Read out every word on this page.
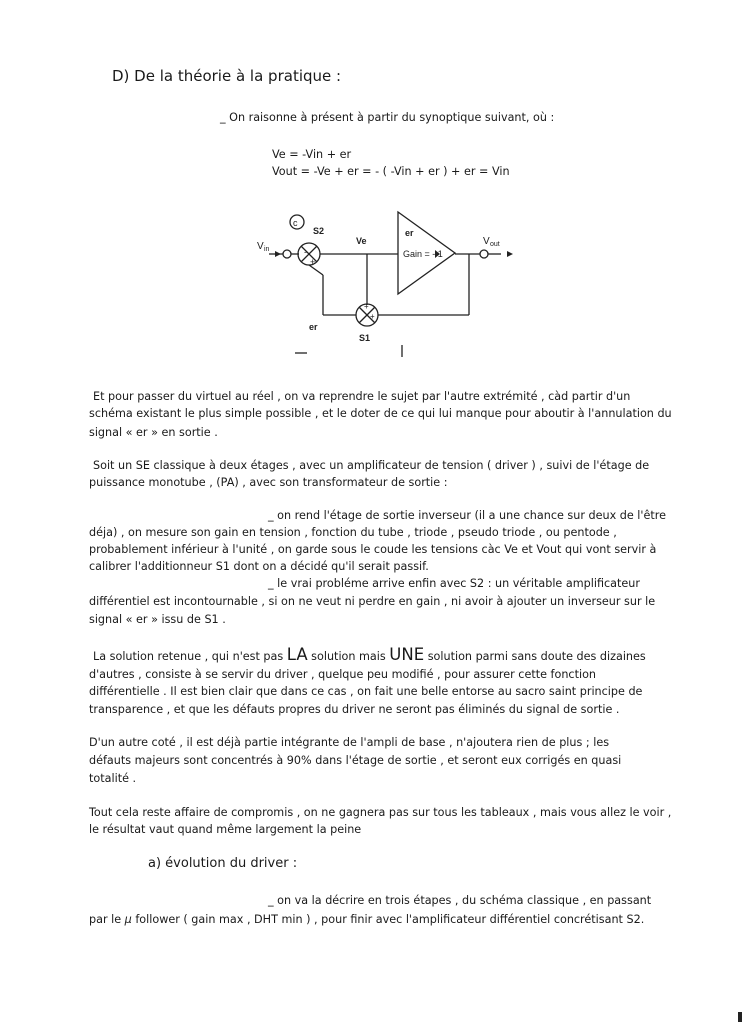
D) De la théorie à la pratique :
_ On raisonne à présent à partir du synoptique suivant, où :
Ve = -Vin + er
Vout = -Ve + er = - ( -Vin + er ) + er = Vin
c
V in
V out
S2
S1
Ve
er
er
Gain = - 1
-
+
+
+
Et pour passer du virtuel au réel , on va reprendre le sujet par l'autre extrémité , càd partir d'un
schéma existant le plus simple possible , et le doter de ce qui lui manque pour aboutir à l'annulation du
signal « er » en sortie .
Soit un SE classique à deux étages , avec un amplificateur de tension ( driver ) , suivi de l'étage de
puissance monotube , (PA) , avec son transformateur de sortie :
_ on rend l'étage de sortie inverseur (il a une chance sur deux de l'être
déja) , on mesure son gain en tension , fonction du tube , triode , pseudo triode , ou pentode ,
probablement inférieur à l'unité , on garde sous le coude les tensions càc Ve et Vout qui vont servir à
calibrer l'additionneur S1 dont on a décidé qu'il serait passif.
_ le vrai probléme arrive enfin avec S2 : un véritable amplificateur
différentiel est incontournable , si on ne veut ni perdre en gain , ni avoir à ajouter un inverseur sur le
signal « er » issu de S1 .
La solution retenue , qui n'est pas LA solution mais UNE solution parmi sans doute des dizaines
d'autres , consiste à se servir du driver , quelque peu modifié , pour assurer cette fonction
différentielle . Il est bien clair que dans ce cas , on fait une belle entorse au sacro saint principe de
transparence , et que les défauts propres du driver ne seront pas éliminés du signal de sortie .
D'un autre coté , il est déjà partie intégrante de l'ampli de base , n'ajoutera rien de plus ; les
défauts majeurs sont concentrés à 90% dans l'étage de sortie , et seront eux corrigés en quasi
totalité .
Tout cela reste affaire de compromis , on ne gagnera pas sur tous les tableaux , mais vous allez le voir ,
le résultat vaut quand même largement la peine
a) évolution du driver :
_ on va la décrire en trois étapes , du schéma classique , en passant
par le μ follower ( gain max , DHT min ) , pour finir avec l'amplificateur différentiel concrétisant S2.
